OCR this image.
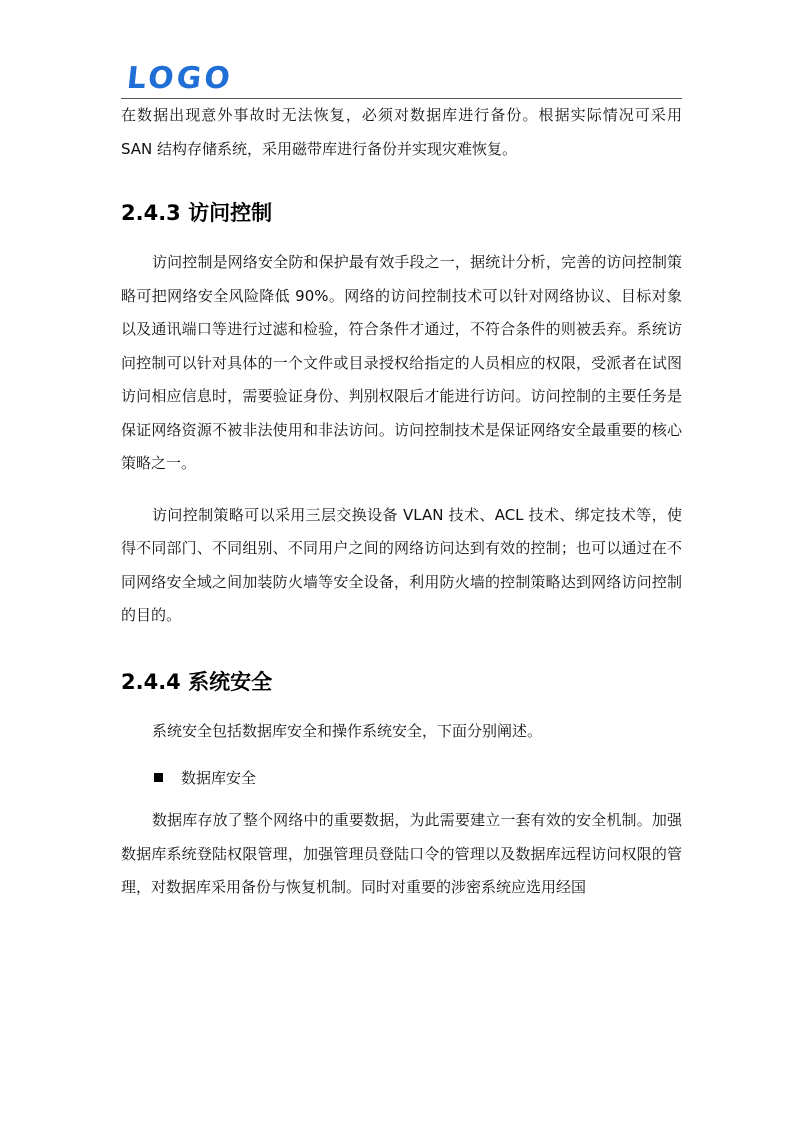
LOGO

在数据出现意外事故时无法恢复，必须对数据库进行备份。根据实际情况可采用 SAN 结构存储系统，采用磁带库进行备份并实现灾难恢复。

2.4.3 访问控制

访问控制是网络安全防和保护最有效手段之一，据统计分析，完善的访问控制策略可把网络安全风险降低 90%。网络的访问控制技术可以针对网络协议、目标对象以及通讯端口等进行过滤和检验，符合条件才通过，不符合条件的则被丢弃。系统访问控制可以针对具体的一个文件或目录授权给指定的人员相应的权限，受派者在试图访问相应信息时，需要验证身份、判别权限后才能进行访问。访问控制的主要任务是保证网络资源不被非法使用和非法访问。访问控制技术是保证网络安全最重要的核心策略之一。

访问控制策略可以采用三层交换设备 VLAN 技术、ACL 技术、绑定技术等，使得不同部门、不同组别、不同用户之间的网络访问达到有效的控制；也可以通过在不同网络安全域之间加装防火墙等安全设备，利用防火墙的控制策略达到网络访问控制的目的。

2.4.4 系统安全

系统安全包括数据库安全和操作系统安全，下面分别阐述。

数据库安全

数据库存放了整个网络中的重要数据，为此需要建立一套有效的安全机制。加强数据库系统登陆权限管理，加强管理员登陆口令的管理以及数据库远程访问权限的管理，对数据库采用备份与恢复机制。同时对重要的涉密系统应选用经国
